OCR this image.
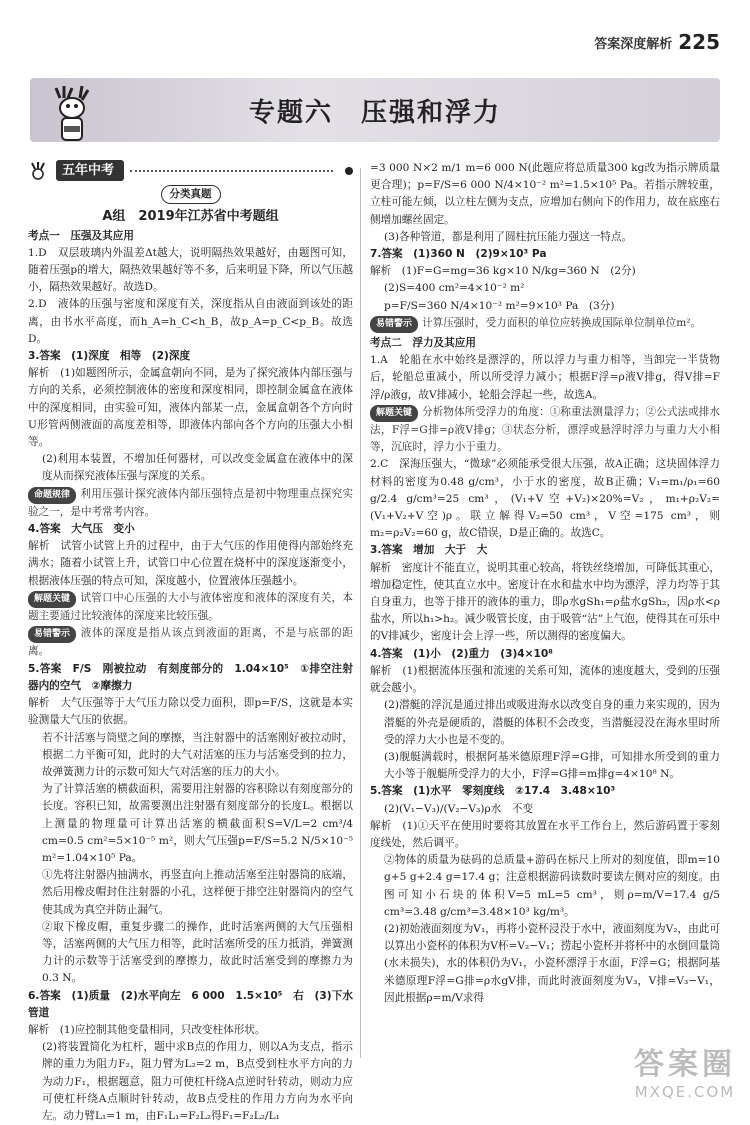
答案深度解析 225
专题六　压强和浮力
五年中考
分类真题
A组　2019年江苏省中考题组
考点一　压强及其应用

1.D　双层玻璃内外温差Δt越大，说明隔热效果越好，由题图可知，随着压强p的增大，隔热效果越好等不多，后来明显下降，所以气压越小，隔热效果越好。故选D。

2.D　液体的压强与密度和深度有关，深度指从自由液面到该处的距离，由书水平高度，而h_A=h_C<h_B，故p_A=p_C<p_B。故选D。

3.答案　(1)深度　相等　(2)深度

解析　(1)如题图所示，金属盒朝向不同，是为了探究液体内部压强与方向的关系，必须控制液体的密度和深度相同，即控制金属盒在液体中的深度相同，由实验可知，液体内部某一点，金属盒朝各个方向时U形管两侧液面的高度差相等，即液体内部向各个方向的压强大小相等。

(2)利用本装置，不增加任何器材，可以改变金属盒在液体中的深度从而探究液体压强与深度的关系。

命题规律 利用压强计探究液体内部压强特点是初中物理重点探究实验之一，是中考常考内容。

4.答案　大气压　变小

解析　试管小试管上升的过程中，由于大气压的作用使得内部始终充满水；随着小试管上升，试管口中心位置在烧杯中的深度逐渐变小，根据液体压强的特点可知，深度越小，位置液体压强越小。

解题关键 试管口中心压强的大小与液体密度和液体的深度有关，本题主要通过比较液体的深度来比较压强。

易错警示 液体的深度是指从该点到液面的距离，不是与底部的距离。

5.答案　F/S　刚被拉动　有刻度部分的　1.04×10⁵　①排空注射器内的空气　②摩擦力

解析　大气压强等于大气压力除以受力面积，即p=F/S，这就是本实验测量大气压的依据。

若不计活塞与筒壁之间的摩擦，当注射器中的活塞刚好被拉动时，根据二力平衡可知，此时的大气对活塞的压力与活塞受到的拉力，故弹簧测力计的示数可知大气对活塞的压力的大小。

为了计算活塞的横截面积，需要用注射器的容积除以有刻度部分的长度。容积已知，故需要测出注射器有刻度部分的长度L。根据以上测量的物理量可计算出活塞的横截面积S=V/L=2 cm³/4 cm=0.5 cm²=5×10⁻⁵ m²，则大气压强p=F/S=5.2 N/5×10⁻⁵ m²=1.04×10⁵ Pa。

①先将注射器内抽满水，再竖直向上推动活塞至注射器筒的底端，然后用橡皮帽封住注射器的小孔，这样便于排空注射器筒内的空气使其成为真空并防止漏气。

②取下橡皮帽，重复步骤二的操作，此时活塞两侧的大气压强相等，活塞两侧的大气压力相等，此时活塞所受的压力抵消，弹簧测力计的示数等于活塞受到的摩擦力，故此时活塞受到的摩擦力为0.3 N。

6.答案　(1)质量　(2)水平向左　6 000　1.5×10⁵　右　(3)下水管道

解析　(1)应控制其他变量相同，只改变柱体形状。

(2)将装置简化为杠杆，题中求B点的作用力，则以A为支点，指示牌的重力为阻力F₂，阻力臂为L₂=2 m，B点受到柱水平方向的力为动力F₁，根据题意，阻力可使杠杆绕A点逆时针转动，则动力应可使杠杆绕A点顺时针转动，故B点受柱的作用力方向为水平向左。动力臂L₁=1 m，由F₁L₁=F₂L₂得F₁=F₂L₂/L₁

=3 000 N×2 m/1 m=6 000 N(此题应将总质量300 kg改为指示牌质量更合理)；p=F/S=6 000 N/4×10⁻² m²=1.5×10⁵ Pa。若指示牌较重，立柱可能左倾，以立柱左侧为支点，应增加右侧向下的作用力，故在底座右侧增加螺丝固定。

(3)各种管道，都是利用了圆柱抗压能力强这一特点。

7.答案　(1)360 N　(2)9×10³ Pa

解析　(1)F=G=mg=36 kg×10 N/kg=360 N　(2分)

(2)S=400 cm²=4×10⁻² m²

p=F/S=360 N/4×10⁻² m²=9×10³ Pa　(3分)

易错警示 计算压强时，受力面积的单位应转换成国际单位制单位m²。

考点二　浮力及其应用

1.A　轮船在水中始终是漂浮的，所以浮力与重力相等，当卸完一半货物后，轮船总重减小，所以所受浮力减小；根据F浮=ρ液V排g，得V排=F浮/ρ液g，故V排减小，轮船会浮起一些，故选A。

解题关键 分析物体所受浮力的角度：①称重法测量浮力；②公式法或排水法，F浮=G排=ρ液V排g；③状态分析，漂浮或悬浮时浮力与重力大小相等，沉底时，浮力小于重力。

2.C　深海压强大，“微球”必须能承受很大压强，故A正确；这块固体浮力材料的密度为0.48 g/cm³，小于水的密度，故B正确；V₁=m₁/ρ₁=60 g/2.4 g/cm³=25 cm³，(V₁+V空+V₂)×20%=V₂，m₁+ρ₂V₂=(V₁+V₂+V空)ρ。联立解得V₂=50 cm³，V空=175 cm³，则m₂=ρ₂V₂=60 g，故C错误，D是正确的。故选C。

3.答案　增加　大于　大

解析　密度计不能直立，说明其重心较高，将铁丝绕增加，可降低其重心，增加稳定性，使其直立水中。密度计在水和盐水中均为漂浮，浮力均等于其自身重力，也等于排开的液体的重力，即ρ水gSh₁=ρ盐水gSh₂，因ρ水<ρ盐水，所以h₁>h₂。减少吸管长度，由于吸管“沾”上气泡，使得其在可乐中的V排减少，密度计会上浮一些，所以测得的密度偏大。

4.答案　(1)小　(2)重力　(3)4×10⁸

解析　(1)根据流体压强和流速的关系可知，流体的速度越大，受到的压强就会越小。

(2)潜艇的浮沉是通过排出或吸进海水以改变自身的重力来实现的，因为潜艇的外壳是硬质的，潜艇的体积不会改变，当潜艇浸没在海水里时所受的浮力大小也是不变的。

(3)舰艇满载时，根据阿基米德原理F浮=G排，可知排水所受到的重力大小等于舰艇所受浮力的大小，F浮=G排=m排g=4×10⁸ N。

5.答案　(1)水平　零刻度线　②17.4　3.48×10³

(2)(V₁−V₃)/(V₂−V₃)ρ水　不变

解析　(1)①天平在使用时要将其放置在水平工作台上，然后游码置于零刻度线处，然后调平。

②物体的质量为砝码的总质量+游码在标尺上所对的刻度值，即m=10 g+5 g+2.4 g=17.4 g；注意根据游码读数时要读左侧对应的刻度。由图可知小石块的体积V=5 mL=5 cm³，则ρ=m/V=17.4 g/5 cm³=3.48 g/cm³=3.48×10³ kg/m³。

(2)初始液面刻度为V₁，再将小瓷杯浸没于水中，液面刻度为V₂，由此可以算出小瓷杯的体积为V杯=V₂−V₁；捞起小瓷杯并将杯中的水倒回量筒(水未损失)，水的体积仍为V₁，小瓷杯漂浮于水面，F浮=G；根据阿基米德原理F浮=G排=ρ水gV排，而此时液面刻度为V₃，V排=V₃−V₁，因此根据ρ=m/V求得

答案圈
MXQE.COM
